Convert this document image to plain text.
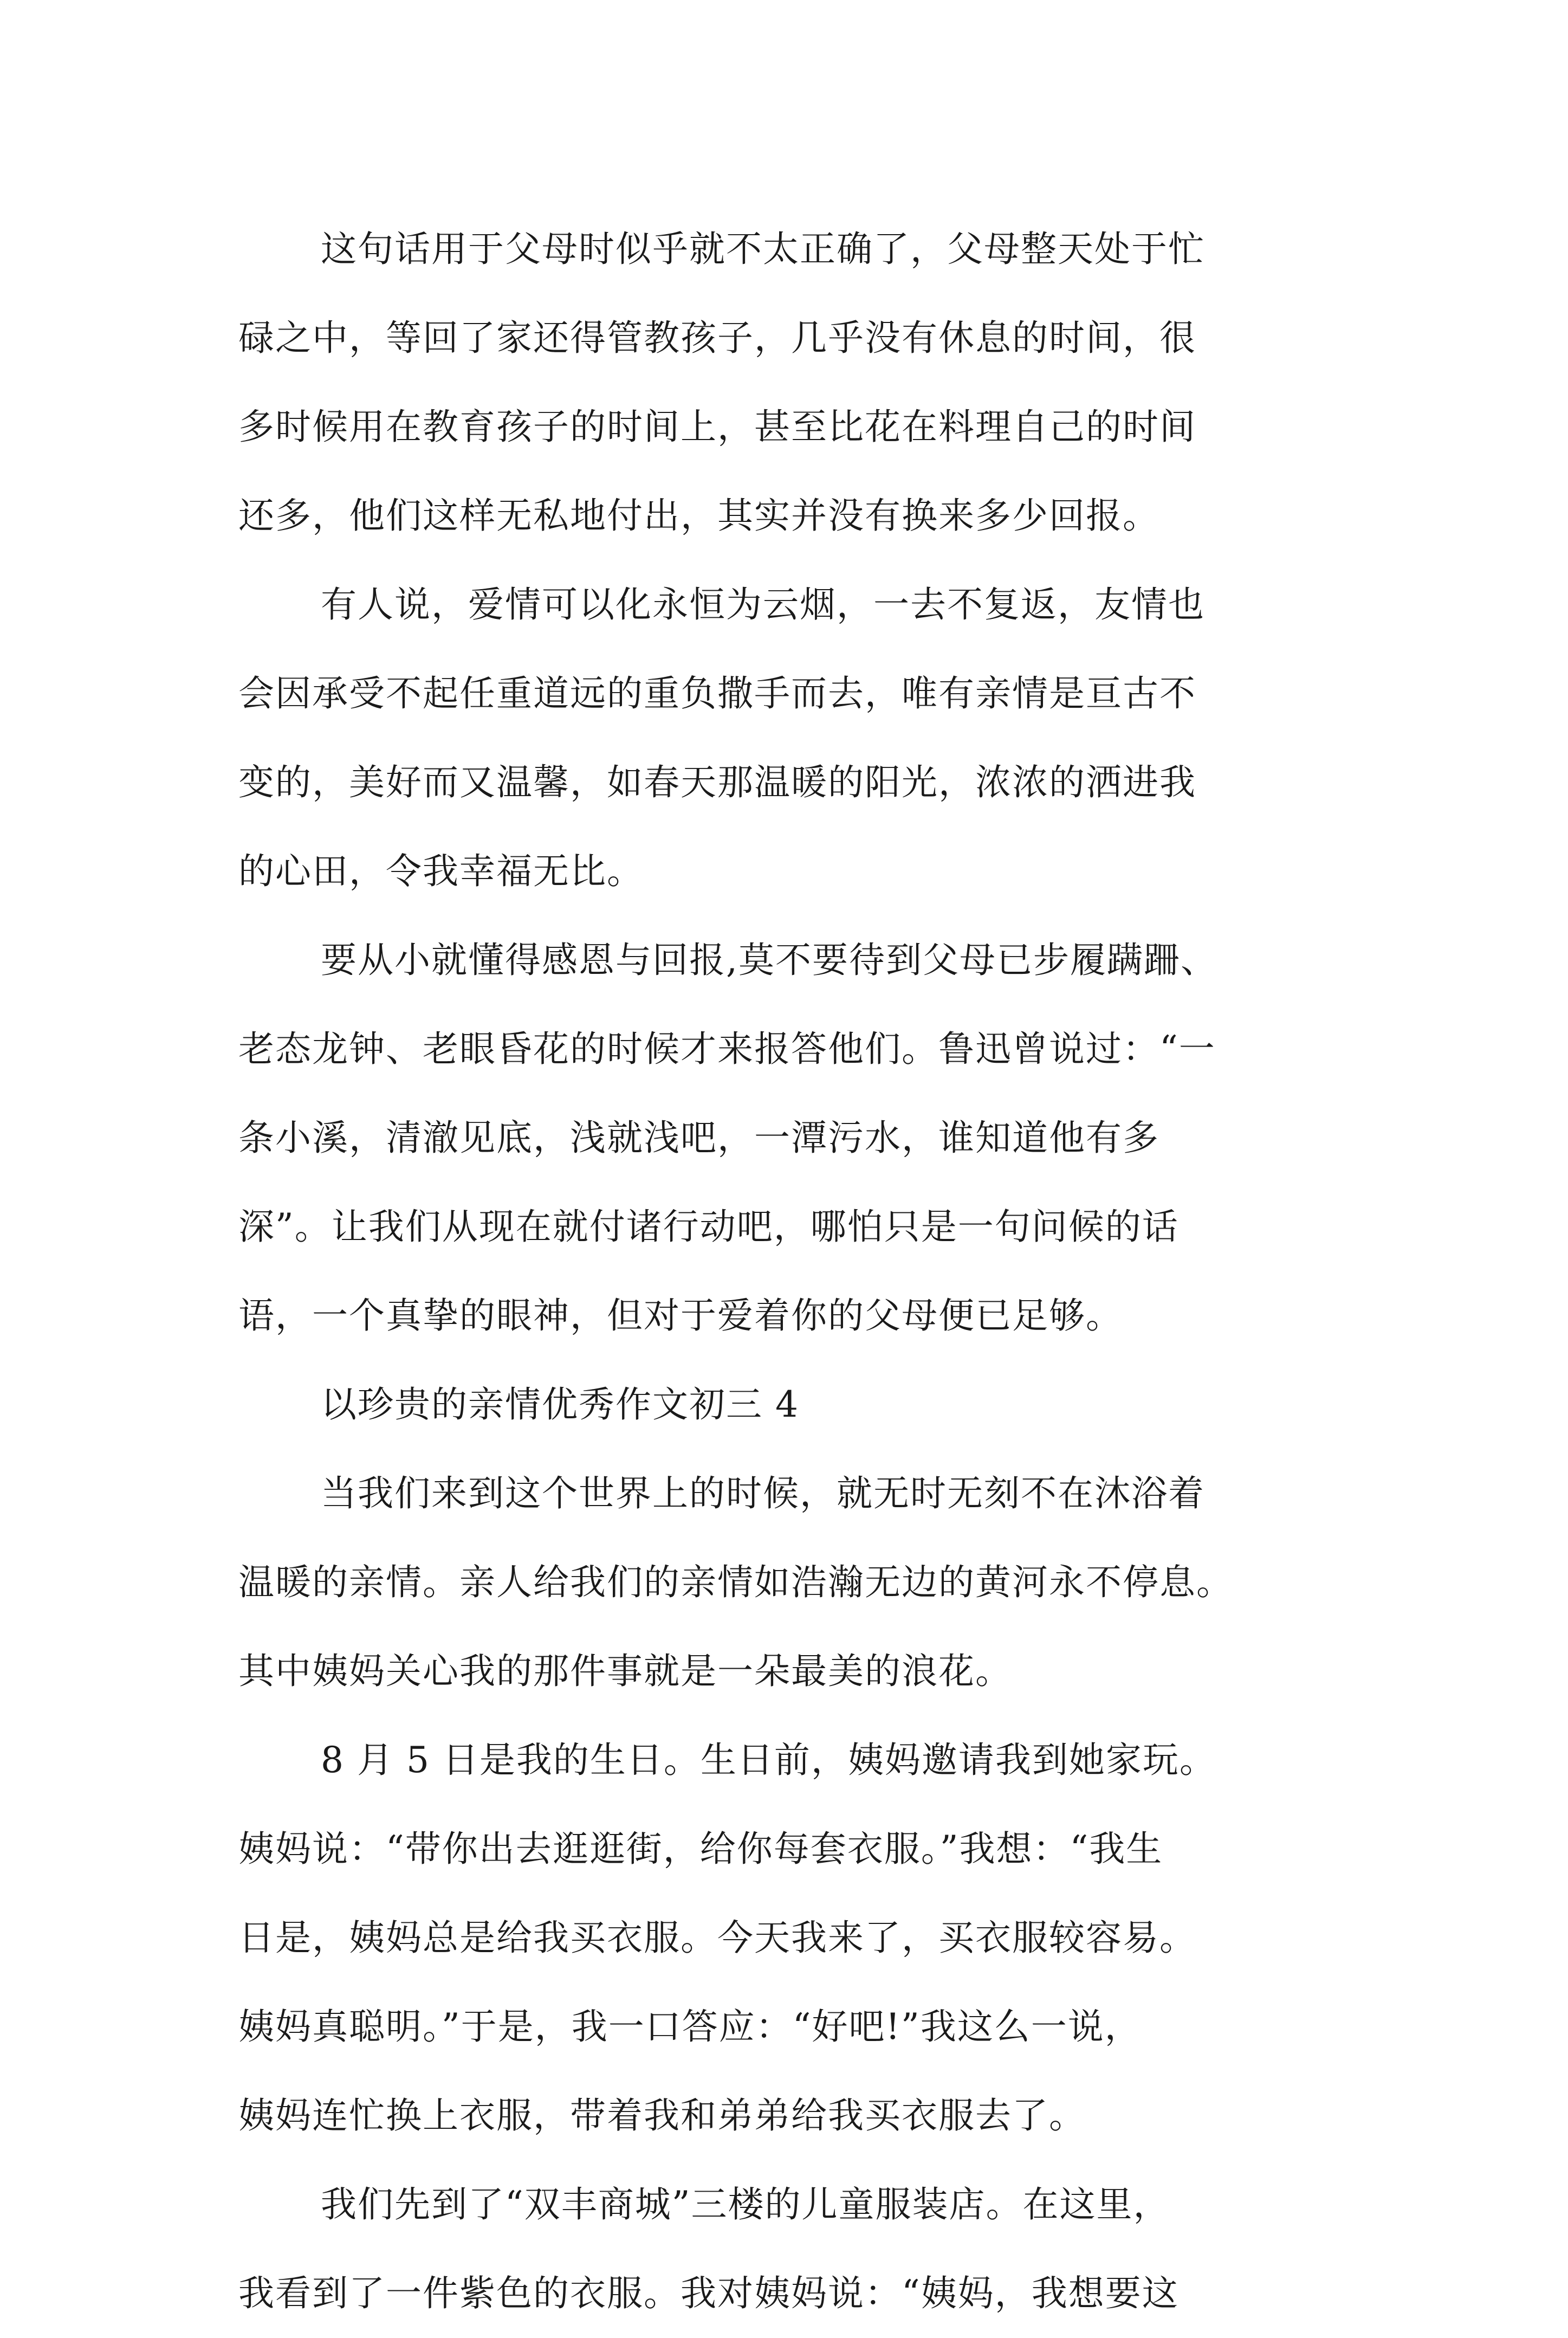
这句话用于父母时似乎就不太正确了，父母整天处于忙
碌之中，等回了家还得管教孩子，几乎没有休息的时间，很
多时候用在教育孩子的时间上，甚至比花在料理自己的时间
还多，他们这样无私地付出，其实并没有换来多少回报。
有人说，爱情可以化永恒为云烟，一去不复返，友情也
会因承受不起任重道远的重负撒手而去，唯有亲情是亘古不
变的，美好而又温馨，如春天那温暖的阳光，浓浓的洒进我
的心田，令我幸福无比。
要从小就懂得感恩与回报,莫不要待到父母已步履蹒跚、
老态龙钟、老眼昏花的时候才来报答他们。鲁迅曾说过：“一
条小溪，清澈见底，浅就浅吧，一潭污水，谁知道他有多
深”。让我们从现在就付诸行动吧，哪怕只是一句问候的话
语，一个真挚的眼神，但对于爱着你的父母便已足够。
以珍贵的亲情优秀作文初三 4
当我们来到这个世界上的时候，就无时无刻不在沐浴着
温暖的亲情。亲人给我们的亲情如浩瀚无边的黄河永不停息。
其中姨妈关心我的那件事就是一朵最美的浪花。
8 月 5 日是我的生日。生日前，姨妈邀请我到她家玩。
姨妈说：“带你出去逛逛街，给你每套衣服。”我想：“我生
日是，姨妈总是给我买衣服。今天我来了，买衣服较容易。
姨妈真聪明。”于是，我一口答应：“好吧!”我这么一说，
姨妈连忙换上衣服，带着我和弟弟给我买衣服去了。
我们先到了“双丰商城”三楼的儿童服装店。在这里，
我看到了一件紫色的衣服。我对姨妈说：“姨妈，我想要这
